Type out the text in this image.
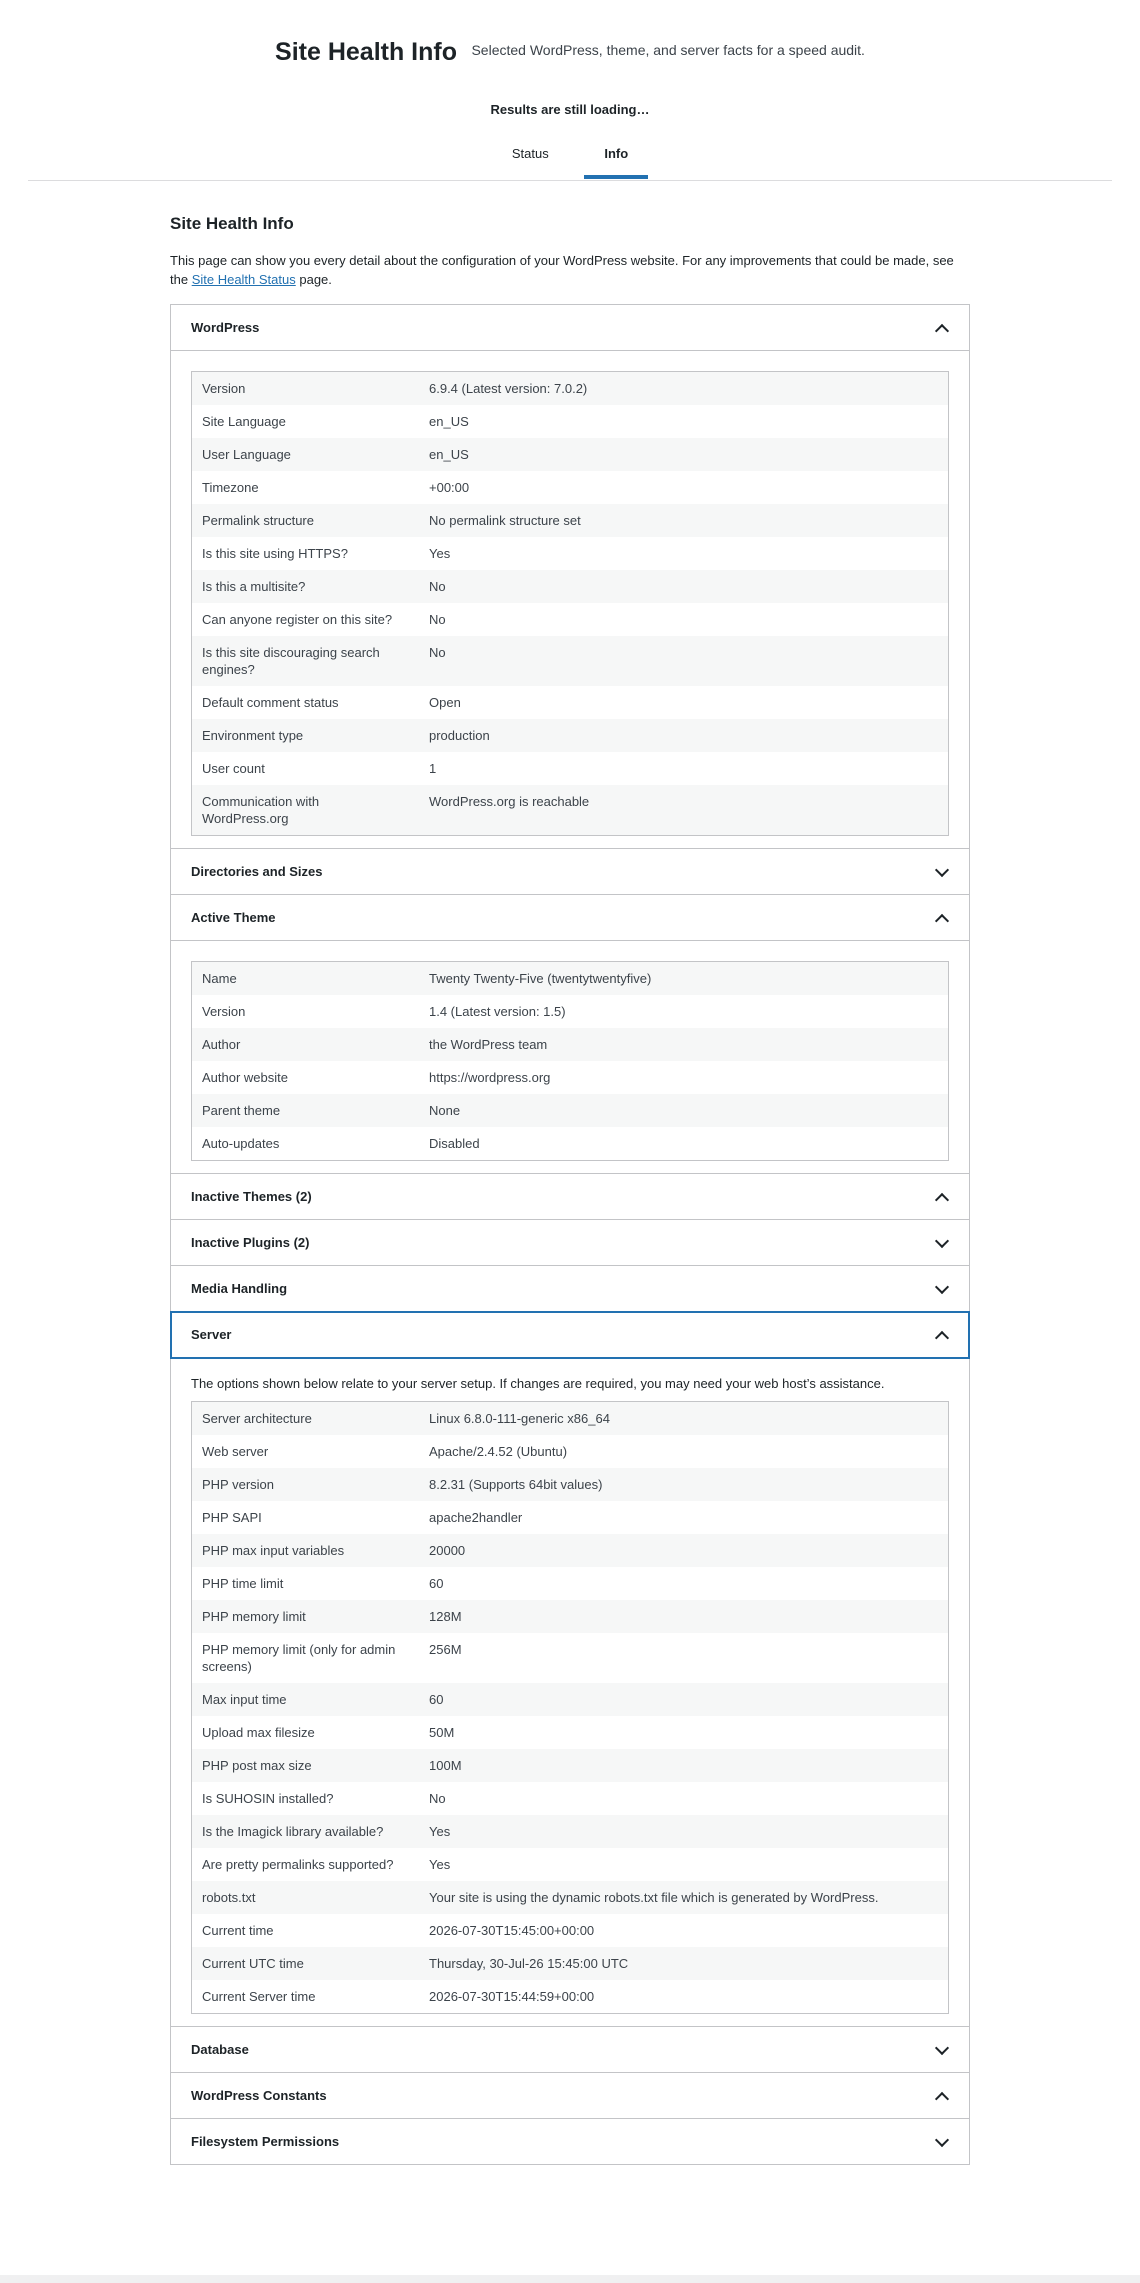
Site Health Info Selected WordPress, theme, and server facts for a speed audit.
Results are still loading…
Status	Info
Site Health Info

This page can show you every detail about the configuration of your WordPress website. For any improvements that could be made, see the Site Health Status page.

WordPress
Version	6.9.4 (Latest version: 7.0.2)
Site Language	en_US
User Language	en_US
Timezone	+00:00
Permalink structure	No permalink structure set
Is this site using HTTPS?	Yes
Is this a multisite?	No
Can anyone register on this site?	No
Is this site discouraging search engines?	No
Default comment status	Open
Environment type	production
User count	1
Communication with WordPress.org	WordPress.org is reachable
Directories and Sizes
Active Theme
Name	Twenty Twenty-Five (twentytwentyfive)
Version	1.4 (Latest version: 1.5)
Author	the WordPress team
Author website	https://wordpress.org
Parent theme	None
Auto-updates	Disabled
Inactive Themes (2)
Inactive Plugins (2)
Media Handling
Server

The options shown below relate to your server setup. If changes are required, you may need your web host’s assistance.

Server architecture	Linux 6.8.0-111-generic x86_64
Web server	Apache/2.4.52 (Ubuntu)
PHP version	8.2.31 (Supports 64bit values)
PHP SAPI	apache2handler
PHP max input variables	20000
PHP time limit	60
PHP memory limit	128M
PHP memory limit (only for admin screens)	256M
Max input time	60
Upload max filesize	50M
PHP post max size	100M
Is SUHOSIN installed?	No
Is the Imagick library available?	Yes
Are pretty permalinks supported?	Yes
robots.txt	Your site is using the dynamic robots.txt file which is generated by WordPress.
Current time	2026-07-30T15:45:00+00:00
Current UTC time	Thursday, 30-Jul-26 15:45:00 UTC
Current Server time	2026-07-30T15:44:59+00:00
Database
WordPress Constants
Filesystem Permissions
